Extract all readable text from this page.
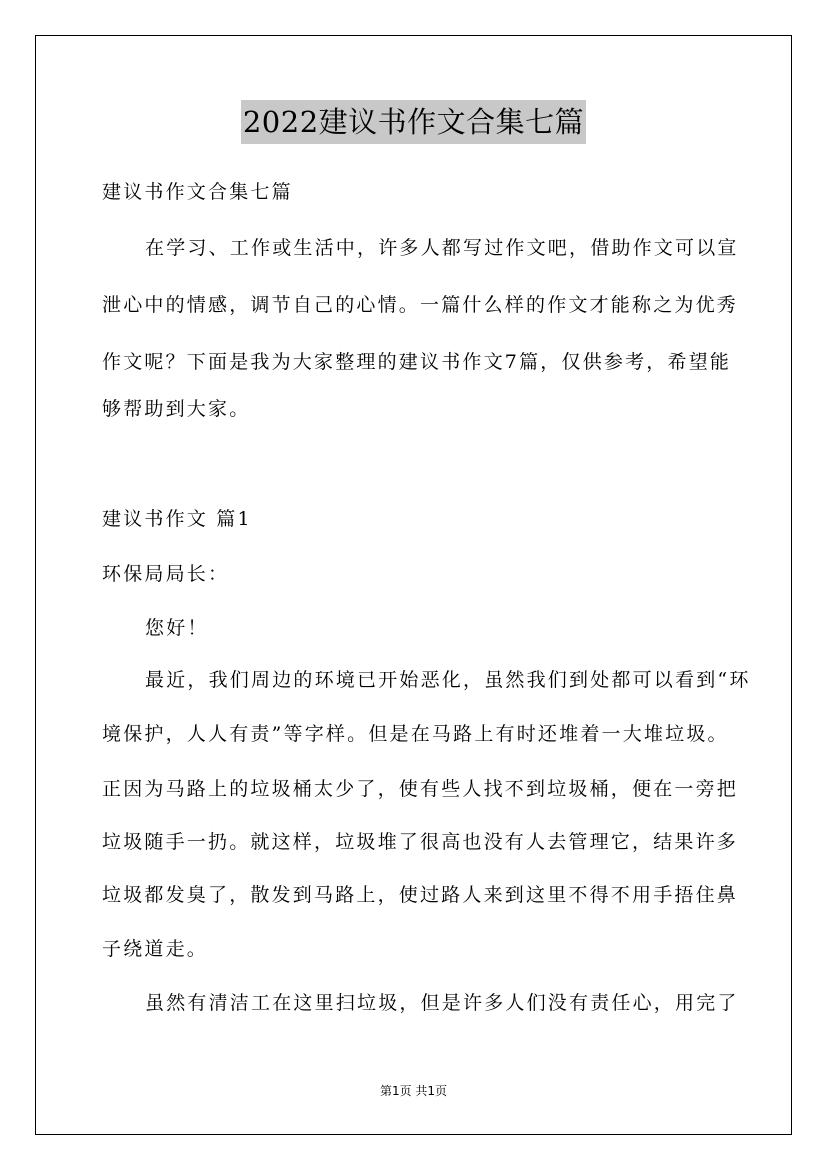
2022建议书作文合集七篇
建议书作文合集七篇
在学习、工作或生活中，许多人都写过作文吧，借助作文可以宣
泄心中的情感，调节自己的心情。一篇什么样的作文才能称之为优秀
作文呢？下面是我为大家整理的建议书作文7篇，仅供参考，希望能
够帮助到大家。
建议书作文 篇1
环保局局长：
您好！
最近，我们周边的环境已开始恶化，虽然我们到处都可以看到“环
境保护，人人有责”等字样。但是在马路上有时还堆着一大堆垃圾。
正因为马路上的垃圾桶太少了，使有些人找不到垃圾桶，便在一旁把
垃圾随手一扔。就这样，垃圾堆了很高也没有人去管理它，结果许多
垃圾都发臭了，散发到马路上，使过路人来到这里不得不用手捂住鼻
子绕道走。
虽然有清洁工在这里扫垃圾，但是许多人们没有责任心，用完了
第1页 共1页
